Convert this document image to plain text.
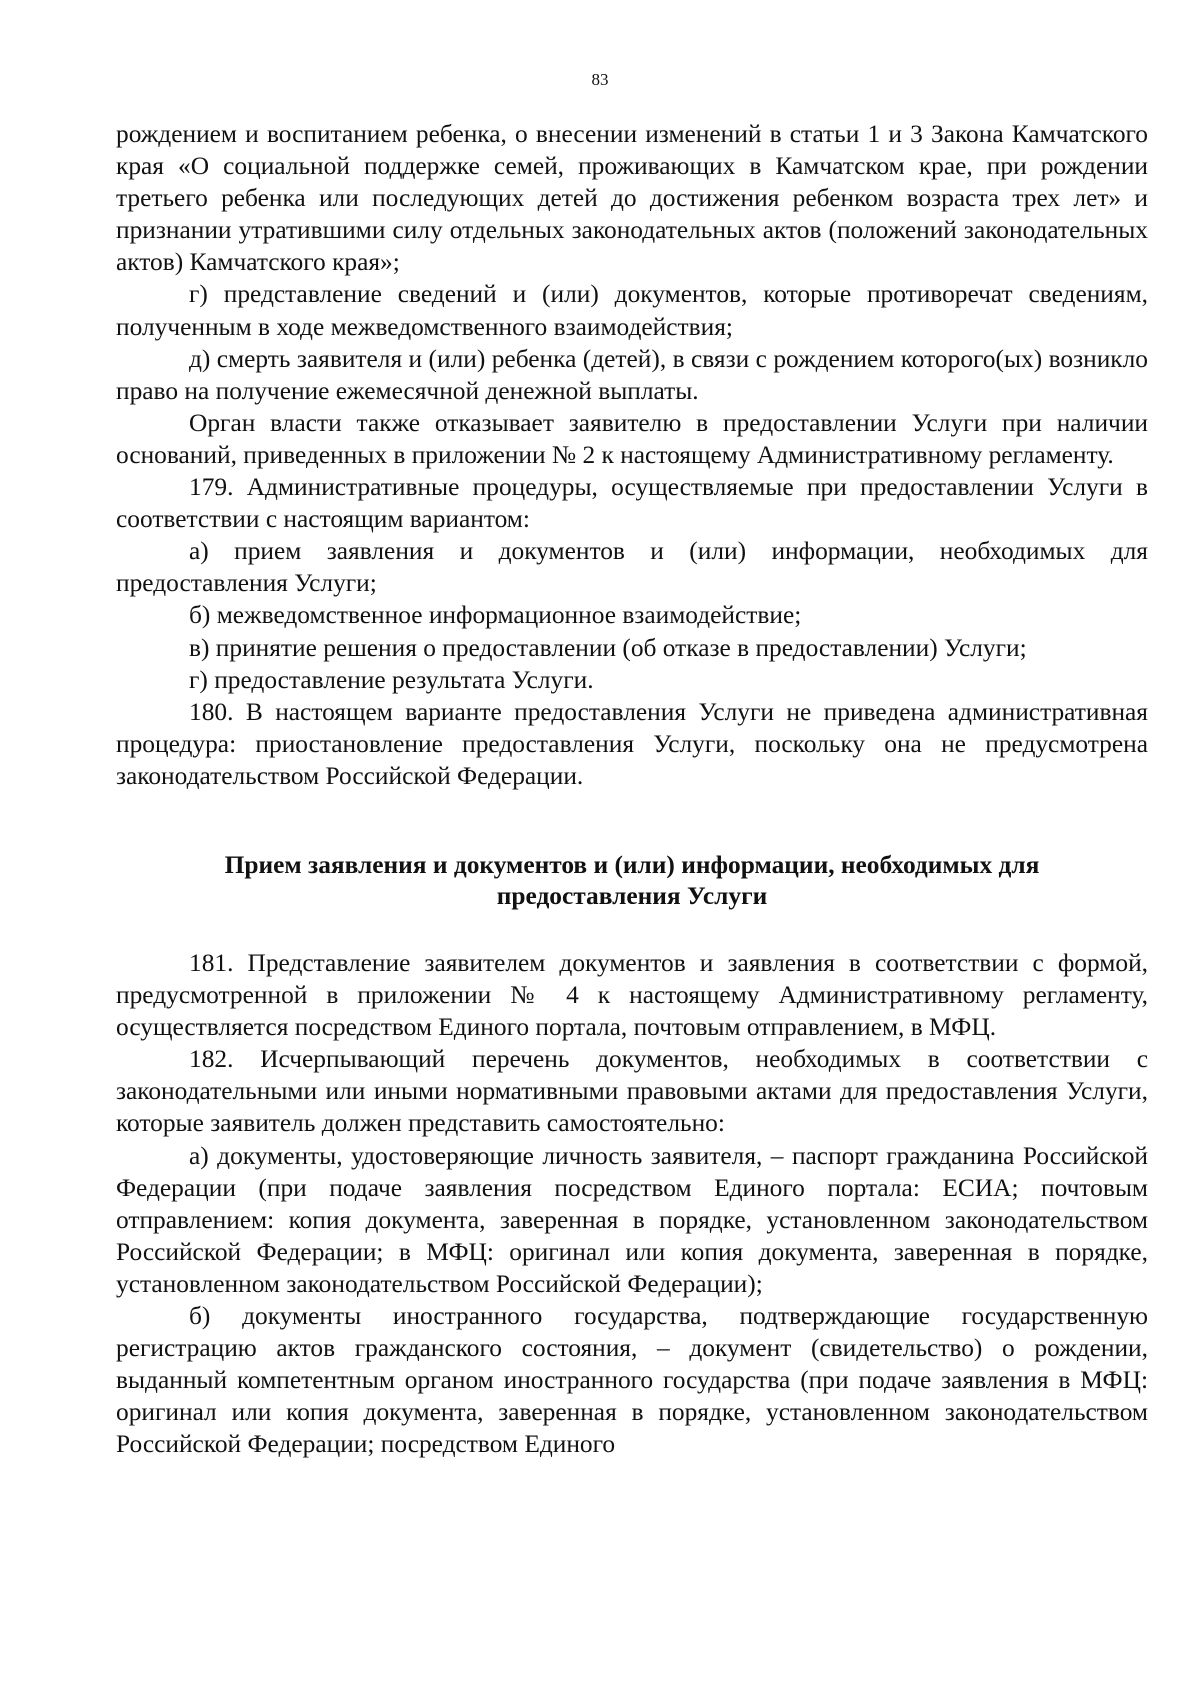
83

рождением и воспитанием ребенка, о внесении изменений в статьи 1 и 3 Закона Камчатского края «О социальной поддержке семей, проживающих в Камчатском крае, при рождении третьего ребенка или последующих детей до достижения ребенком возраста трех лет» и признании утратившими силу отдельных законодательных актов (положений законодательных актов) Камчатского края»;

г) представление сведений и (или) документов, которые противоречат сведениям, полученным в ходе межведомственного взаимодействия;

д) смерть заявителя и (или) ребенка (детей), в связи с рождением которого(ых) возникло право на получение ежемесячной денежной выплаты.

Орган власти также отказывает заявителю в предоставлении Услуги при наличии оснований, приведенных в приложении № 2 к настоящему Административному регламенту.

179. Административные процедуры, осуществляемые при предоставлении Услуги в соответствии с настоящим вариантом:

а) прием заявления и документов и (или) информации, необходимых для предоставления Услуги;

б) межведомственное информационное взаимодействие;

в) принятие решения о предоставлении (об отказе в предоставлении) Услуги;

г) предоставление результата Услуги.

180. В настоящем варианте предоставления Услуги не приведена административная процедура: приостановление предоставления Услуги, поскольку она не предусмотрена законодательством Российской Федерации.

Прием заявления и документов и (или) информации, необходимых для
предоставления Услуги

181. Представление заявителем документов и заявления в соответствии с формой, предусмотренной в приложении № 4 к настоящему Административному регламенту, осуществляется посредством Единого портала, почтовым отправлением, в МФЦ.

182. Исчерпывающий перечень документов, необходимых в соответствии с законодательными или иными нормативными правовыми актами для предоставления Услуги, которые заявитель должен представить самостоятельно:

а) документы, удостоверяющие личность заявителя, – паспорт гражданина Российской Федерации (при подаче заявления посредством Единого портала: ЕСИА; почтовым отправлением: копия документа, заверенная в порядке, установленном законодательством Российской Федерации; в МФЦ: оригинал или копия документа, заверенная в порядке, установленном законодательством Российской Федерации);

б) документы иностранного государства, подтверждающие государственную регистрацию актов гражданского состояния, – документ (свидетельство) о рождении, выданный компетентным органом иностранного государства (при подаче заявления в МФЦ: оригинал или копия документа, заверенная в порядке, установленном законодательством Российской Федерации; посредством Единого
